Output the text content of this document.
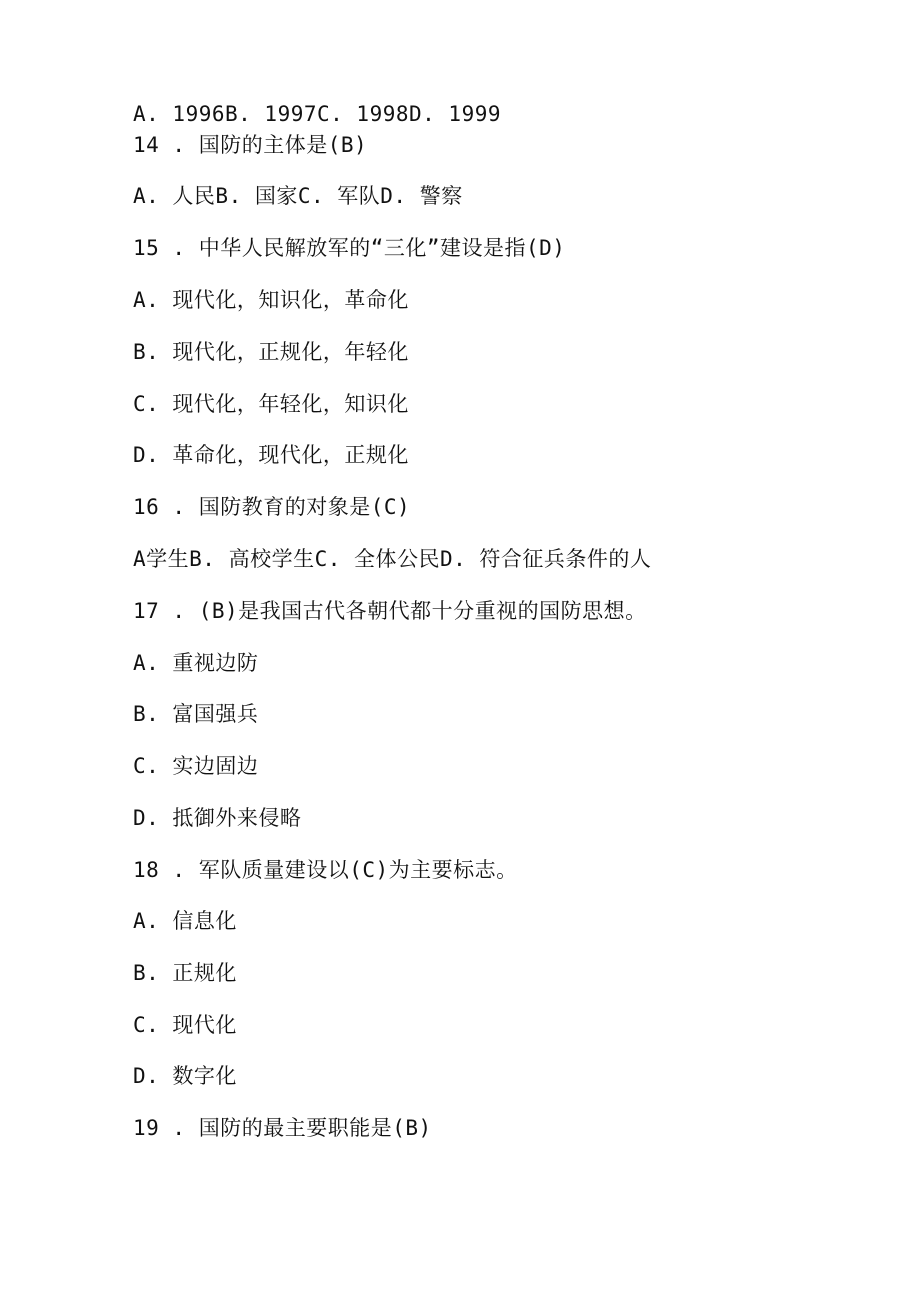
A. 1996B. 1997C. 1998D. 1999
14 . 国防的主体是(B)
A. 人民B. 国家C. 军队D. 警察
15 . 中华人民解放军的“三化”建设是指(D)
A. 现代化，知识化，革命化
B. 现代化，正规化，年轻化
C. 现代化，年轻化，知识化
D. 革命化，现代化，正规化
16 . 国防教育的对象是(C)
A学生B. 高校学生C. 全体公民D. 符合征兵条件的人
17 . (B)是我国古代各朝代都十分重视的国防思想。
A. 重视边防
B. 富国强兵
C. 实边固边
D. 抵御外来侵略
18 . 军队质量建设以(C)为主要标志。
A. 信息化
B. 正规化
C. 现代化
D. 数字化
19 . 国防的最主要职能是(B)
